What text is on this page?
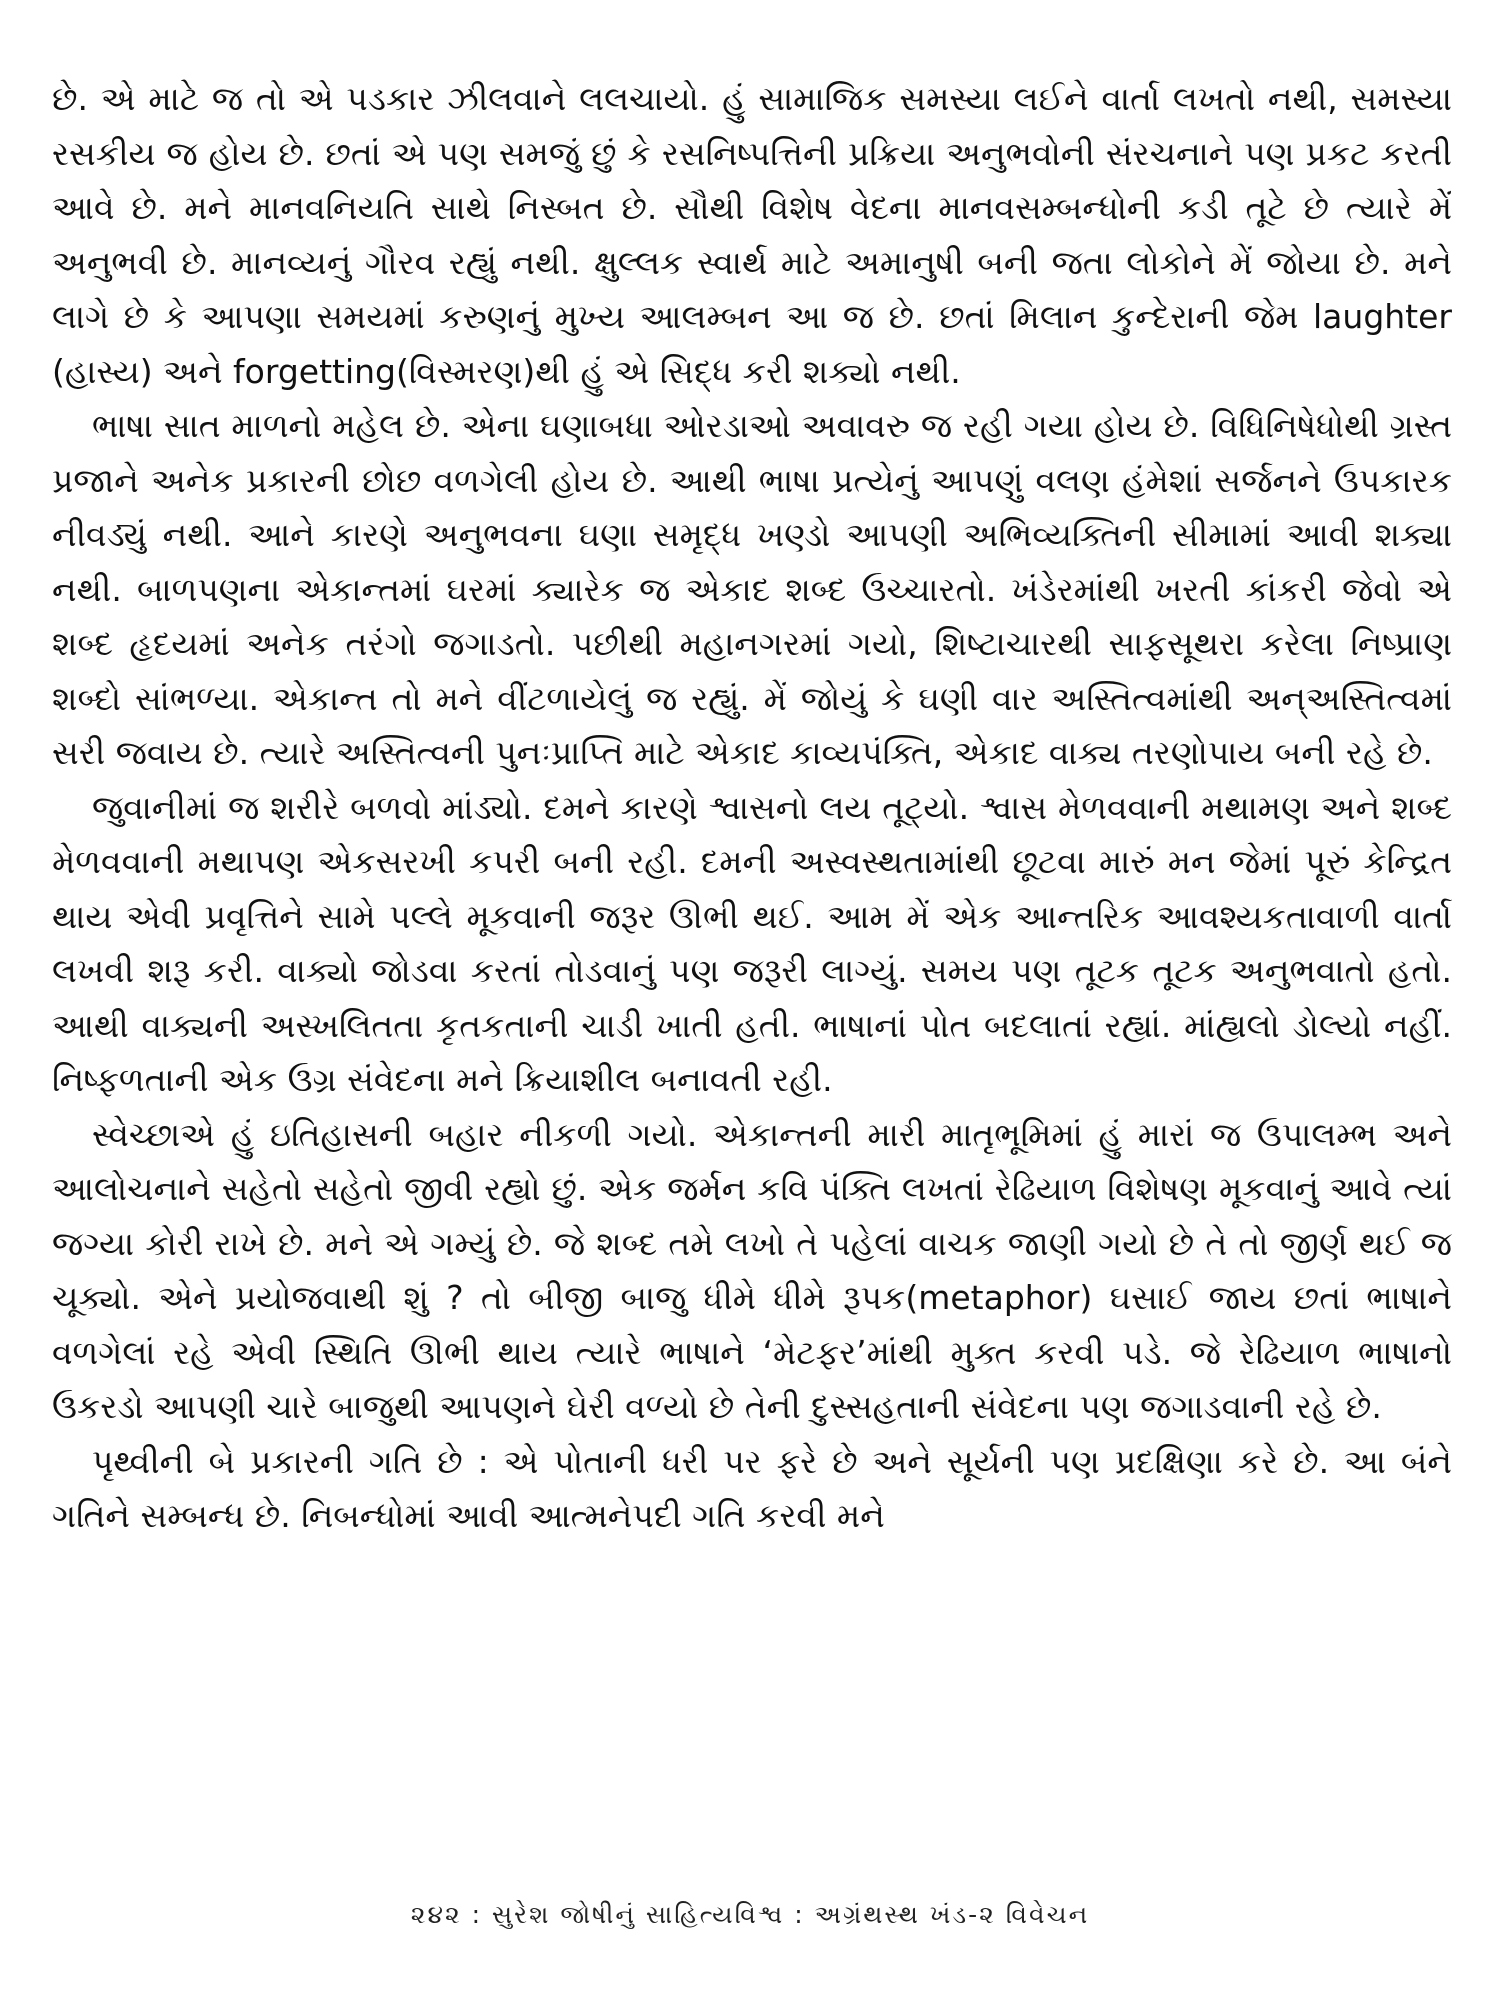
છે. એ માટે જ તો એ પડકાર ઝીલવાને લલચાયો. હું સામાજિક સમસ્યા લઈને વાર્તા લખતો નથી, સમસ્યા રસકીય જ હોય છે. છતાં એ પણ સમજું છું કે રસનિષ્પત્તિની પ્રક્રિયા અનુભવોની સંરચનાને પણ પ્રકટ કરતી આવે છે. મને માનવનિયતિ સાથે નિસ્બત છે. સૌથી વિશેષ વેદના માનવસમ્બન્ધોની કડી તૂટે છે ત્યારે મેં અનુભવી છે. માનવ્યનું ગૌરવ રહ્યું નથી. ક્ષુલ્લક સ્વાર્થ માટે અમાનુષી બની જતા લોકોને મેં જોયા છે. મને લાગે છે કે આપણા સમયમાં કરુણનું મુખ્ય આલમ્બન આ જ છે. છતાં મિલાન કુન્દેરાની જેમ laughter (હાસ્ય) અને forgetting(વિસ્મરણ)થી હું એ સિદ્ધ કરી શક્યો નથી.

ભાષા સાત માળનો મહેલ છે. એના ઘણાબધા ઓરડાઓ અવાવરુ જ રહી ગયા હોય છે. વિધિનિષેધોથી ગ્રસ્ત પ્રજાને અનેક પ્રકારની છોછ વળગેલી હોય છે. આથી ભાષા પ્રત્યેનું આપણું વલણ હંમેશાં સર્જનને ઉપકારક નીવડ્યું નથી. આને કારણે અનુભવના ઘણા સમૃદ્ધ ખણ્ડો આપણી અભિવ્યક્તિની સીમામાં આવી શક્યા નથી. બાળપણના એકાન્તમાં ઘરમાં ક્યારેક જ એકાદ શબ્દ ઉચ્ચારતો. ખંડેરમાંથી ખરતી કાંકરી જેવો એ શબ્દ હૃદયમાં અનેક તરંગો જગાડતો. પછીથી મહાનગરમાં ગયો, શિષ્ટાચારથી સાફસૂથરા કરેલા નિષ્પ્રાણ શબ્દો સાંભળ્યા. એકાન્ત તો મને વીંટળાયેલું જ રહ્યું. મેં જોયું કે ઘણી વાર અસ્તિત્વમાંથી અન્‌અસ્તિત્વમાં સરી જવાય છે. ત્યારે અસ્તિત્વની પુનઃપ્રાપ્તિ માટે એકાદ કાવ્યપંક્તિ, એકાદ વાક્ય તરણોપાય બની રહે છે.

જુવાનીમાં જ શરીરે બળવો માંડ્યો. દમને કારણે શ્વાસનો લય તૂટ્યો. શ્વાસ મેળવવાની મથામણ અને શબ્દ મેળવવાની મથાપણ એકસરખી કપરી બની રહી. દમની અસ્વસ્થતામાંથી છૂટવા મારું મન જેમાં પૂરું કેન્દ્રિત થાય એવી પ્રવૃત્તિને સામે પલ્લે મૂકવાની જરૂર ઊભી થઈ. આમ મેં એક આન્તરિક આવશ્યકતાવાળી વાર્તા લખવી શરૂ કરી. વાક્યો જોડવા કરતાં તોડવાનું પણ જરૂરી લાગ્યું. સમય પણ તૂટક તૂટક અનુભવાતો હતો. આથી વાક્યની અસ્ખલિતતા કૃતકતાની ચાડી ખાતી હતી. ભાષાનાં પોત બદલાતાં રહ્યાં. માંહ્યલો ડોલ્યો નહીં. નિષ્ફળતાની એક ઉગ્ર સંવેદના મને ક્રિયાશીલ બનાવતી રહી.

સ્વેચ્છાએ હું ઇતિહાસની બહાર નીકળી ગયો. એકાન્તની મારી માતૃભૂમિમાં હું મારાં જ ઉપાલમ્ભ અને આલોચનાને સહેતો સહેતો જીવી રહ્યો છું. એક જર્મન કવિ પંક્તિ લખતાં રેઢિયાળ વિશેષણ મૂકવાનું આવે ત્યાં જગ્યા કોરી રાખે છે. મને એ ગમ્યું છે. જે શબ્દ તમે લખો તે પહેલાં વાચક જાણી ગયો છે તે તો જીર્ણ થઈ જ ચૂક્યો. એને પ્રયોજવાથી શું ? તો બીજી બાજુ ધીમે ધીમે રૂપક(metaphor) ઘસાઈ જાય છતાં ભાષાને વળગેલાં રહે એવી સ્થિતિ ઊભી થાય ત્યારે ભાષાને ‘મેટફર’માંથી મુક્ત કરવી પડે. જે રેઢિયાળ ભાષાનો ઉકરડો આપણી ચારે બાજુથી આપણને ઘેરી વળ્યો છે તેની દુસ્સહતાની સંવેદના પણ જગાડવાની રહે છે.

પૃથ્વીની બે પ્રકારની ગતિ છે : એ પોતાની ધરી પર ફરે છે અને સૂર્યની પણ પ્રદક્ષિણા કરે છે. આ બંને ગતિને સમ્બન્ધ છે. નિબન્ધોમાં આવી આત્મનેપદી ગતિ કરવી મને

૨૪૨ : સુરેશ જોષીનું સાહિત્યવિશ્વ : અગ્રંથસ્થ ખંડ-૨ વિવેચન
